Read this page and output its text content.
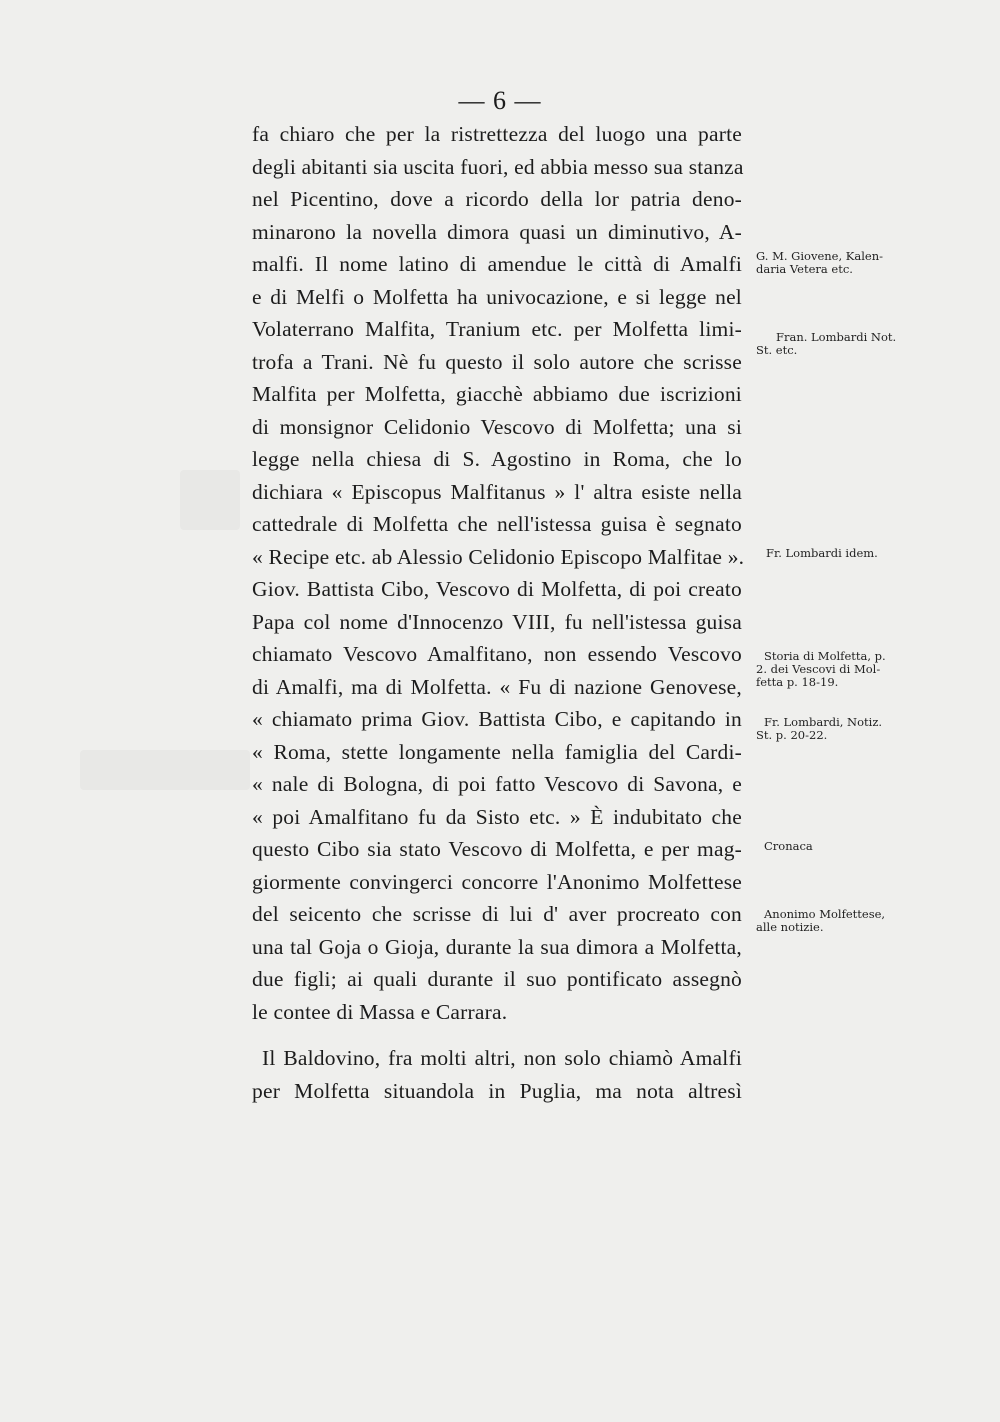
— 6 —
fa chiaro che per la ristrettezza del luogo una parte
degli abitanti sia uscita fuori, ed abbia messo sua stanza
nel Picentino, dove a ricordo della lor patria deno-
minarono la novella dimora quasi un diminutivo, A-
malfi. Il nome latino di amendue le città di Amalfi
e di Melfi o Molfetta ha univocazione, e si legge nel
Volaterrano Malfita, Tranium etc. per Molfetta limi-
trofa a Trani. Nè fu questo il solo autore che scrisse
Malfita per Molfetta, giacchè abbiamo due iscrizioni
di monsignor Celidonio Vescovo di Molfetta; una si
legge nella chiesa di S. Agostino in Roma, che lo
dichiara « Episcopus Malfitanus » l' altra esiste nella
cattedrale di Molfetta che nell'istessa guisa è segnato
« Recipe etc. ab Alessio Celidonio Episcopo Malfitae ».
Giov. Battista Cibo, Vescovo di Molfetta, di poi creato
Papa col nome d'Innocenzo VIII, fu nell'istessa guisa
chiamato Vescovo Amalfitano, non essendo Vescovo
di Amalfi, ma di Molfetta. « Fu di nazione Genovese,
« chiamato prima Giov. Battista Cibo, e capitando in
« Roma, stette longamente nella famiglia del Cardi-
« nale di Bologna, di poi fatto Vescovo di Savona, e
« poi Amalfitano fu da Sisto etc. » È indubitato che
questo Cibo sia stato Vescovo di Molfetta, e per mag-
giormente convingerci concorre l'Anonimo Molfettese
del seicento che scrisse di lui d' aver procreato con
una tal Goja o Gioja, durante la sua dimora a Molfetta,
due figli; ai quali durante il suo pontificato assegnò
le contee di Massa e Carrara.
Il Baldovino, fra molti altri, non solo chiamò Amalfi
per Molfetta situandola in Puglia, ma nota altresì
G. M. Giovene, Kalen-
daria Vetera etc.
Fran. Lombardi Not.
St. etc.
Fr. Lombardi idem.
Storia di Molfetta, p.
2. dei Vescovi di Mol-
fetta p. 18-19.
Fr. Lombardi, Notiz.
St. p. 20-22.
Cronaca
Anonimo Molfettese,
alle notizie.
